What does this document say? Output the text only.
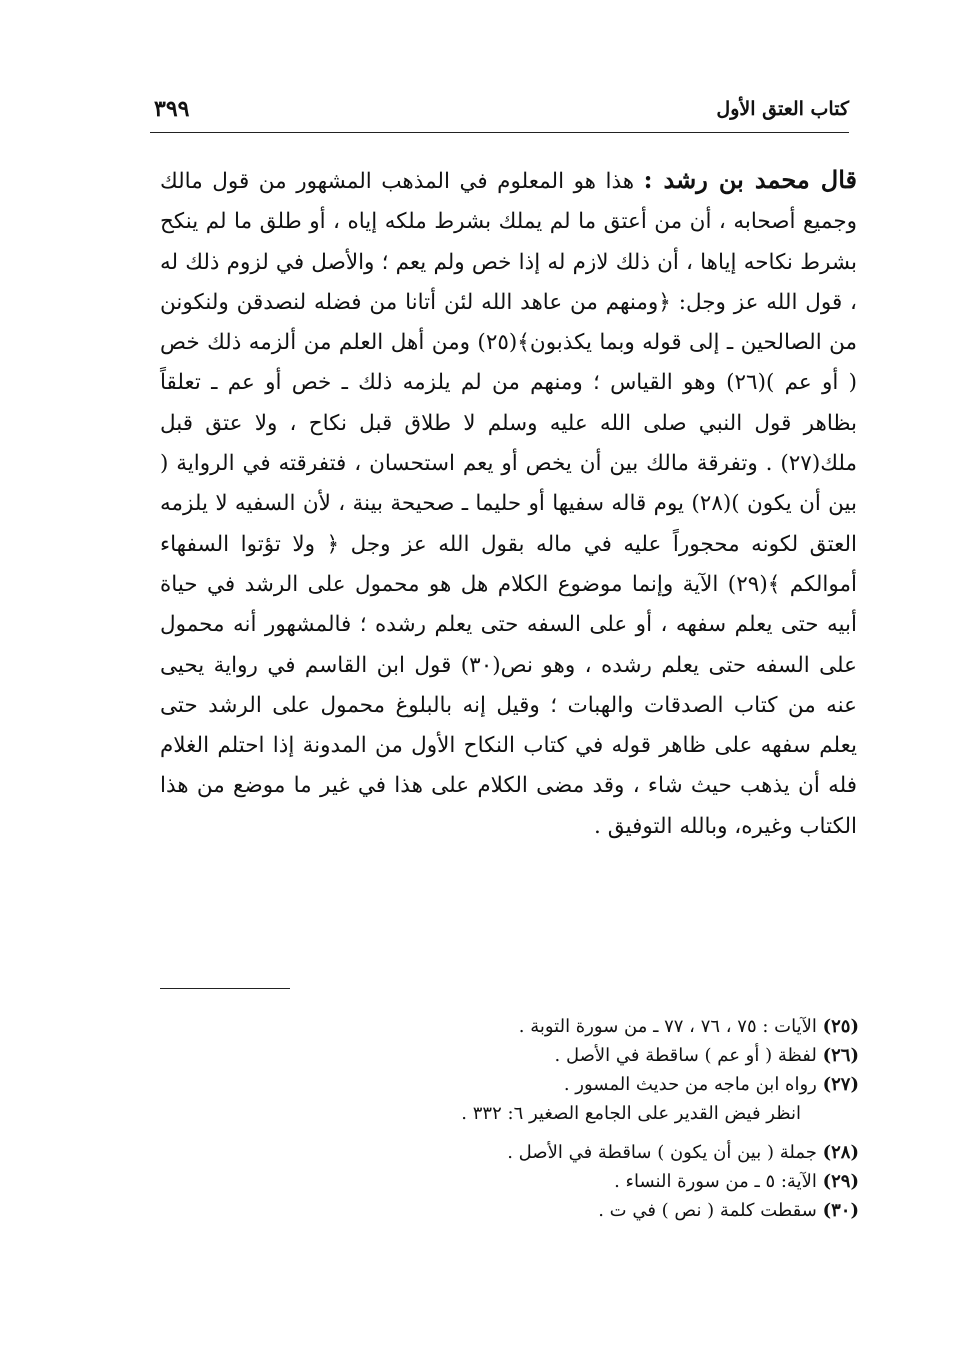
كتاب العتق الأول
٣٩٩

قال محمد بن رشد : هذا هو المعلوم في المذهب المشهور من قول مالك وجميع أصحابه ، أن من أعتق ما لم يملك بشرط ملكه إياه ، أو طلق ما لم ينكح بشرط نكاحه إياها ، أن ذلك لازم له إذا خص ولم يعم ؛ والأصل في لزوم ذلك له ، قول الله عز وجل: ﴿ومنهم من عاهد الله لئن أتانا من فضله لنصدقن ولنكونن من الصالحين ـ إلى قوله وبما يكذبون﴾(٢٥) ومن أهل العلم من ألزمه ذلك خص ( أو عم )(٢٦) وهو القياس ؛ ومنهم من لم يلزمه ذلك ـ خص أو عم ـ تعلقاً بظاهر قول النبي صلى الله عليه وسلم لا طلاق قبل نكاح ، ولا عتق قبل ملك(٢٧) . وتفرقة مالك بين أن يخص أو يعم استحسان ، فتفرقته في الرواية ( بين أن يكون )(٢٨) يوم قاله سفيها أو حليما ـ صحيحة بينة ، لأن السفيه لا يلزمه العتق لكونه محجوراً عليه في ماله بقول الله عز وجل ﴿ ولا تؤتوا السفهاء أموالكم ﴾(٢٩) الآية وإنما موضوع الكلام هل هو محمول على الرشد في حياة أبيه حتى يعلم سفهه ، أو على السفه حتى يعلم رشده ؛ فالمشهور أنه محمول على السفه حتى يعلم رشده ، وهو نص(٣٠) قول ابن القاسم في رواية يحيى عنه من كتاب الصدقات والهبات ؛ وقيل إنه بالبلوغ محمول على الرشد حتى يعلم سفهه على ظاهر قوله في كتاب النكاح الأول من المدونة إذا احتلم الغلام فله أن يذهب حيث شاء ، وقد مضى الكلام على هذا في غير ما موضع من هذا الكتاب وغيره، وبالله التوفيق .

(٢٥) الآيات : ٧٥ ، ٧٦ ، ٧٧ ـ من سورة التوبة .
(٢٦) لفظة ( أو عم ) ساقطة في الأصل .
(٢٧) رواه ابن ماجه من حديث المسور .
انظر فيض القدير على الجامع الصغير ٦: ٣٣٢ .
(٢٨) جملة ( بين أن يكون ) ساقطة في الأصل .
(٢٩) الآية: ٥ ـ من سورة النساء .
(٣٠) سقطت كلمة ( نص ) في ت .
